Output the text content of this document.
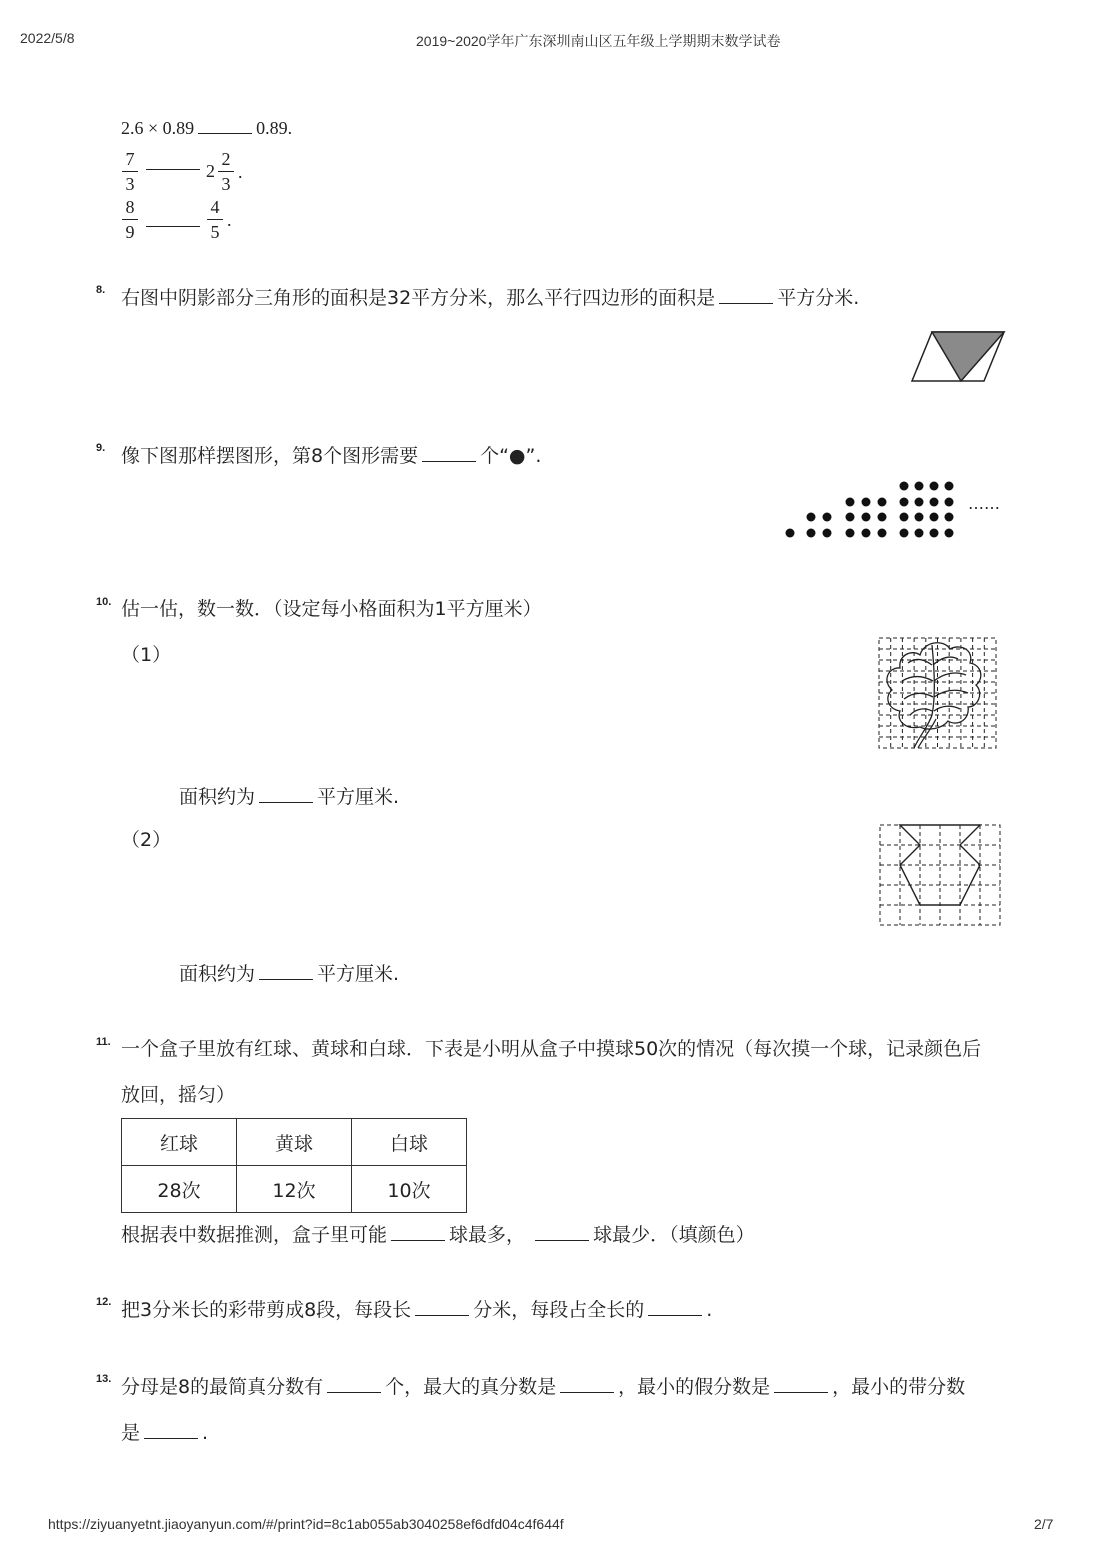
2022/5/8	2019~2020学年广东深圳南山区五年级上学期期末数学试卷
2.6 × 0.89	0.89.
7
3
2
2
3
.
8
9
4
5
.
8. 右图中阴影部分三角形的面积是32平方分米，那么平行四边形的面积是	平方分米.
9. 像下图那样摆图形，第8个图形需要	个“●”.
……
10. 估一估，数一数．（设定每小格面积为1平方厘米）
（1）
面积约为	平方厘米.
（2）
面积约为	平方厘米.
11. 一个盒子里放有红球、黄球和白球．下表是小明从盒子中摸球50次的情况（每次摸一个球，记录颜色后
放回，摇匀）
红球	黄球	白球
28次	12次	10次
根据表中数据推测，盒子里可能	球最多，	球最少．（填颜色）
12. 把3分米长的彩带剪成8段，每段长	分米，每段占全长的	.
13. 分母是8的最简真分数有	个，最大的真分数是	，最小的假分数是	，最小的带分数
是	.
https://ziyuanyetnt.jiaoyanyun.com/#/print?id=8c1ab055ab3040258ef6dfd04c4f644f	2/7
